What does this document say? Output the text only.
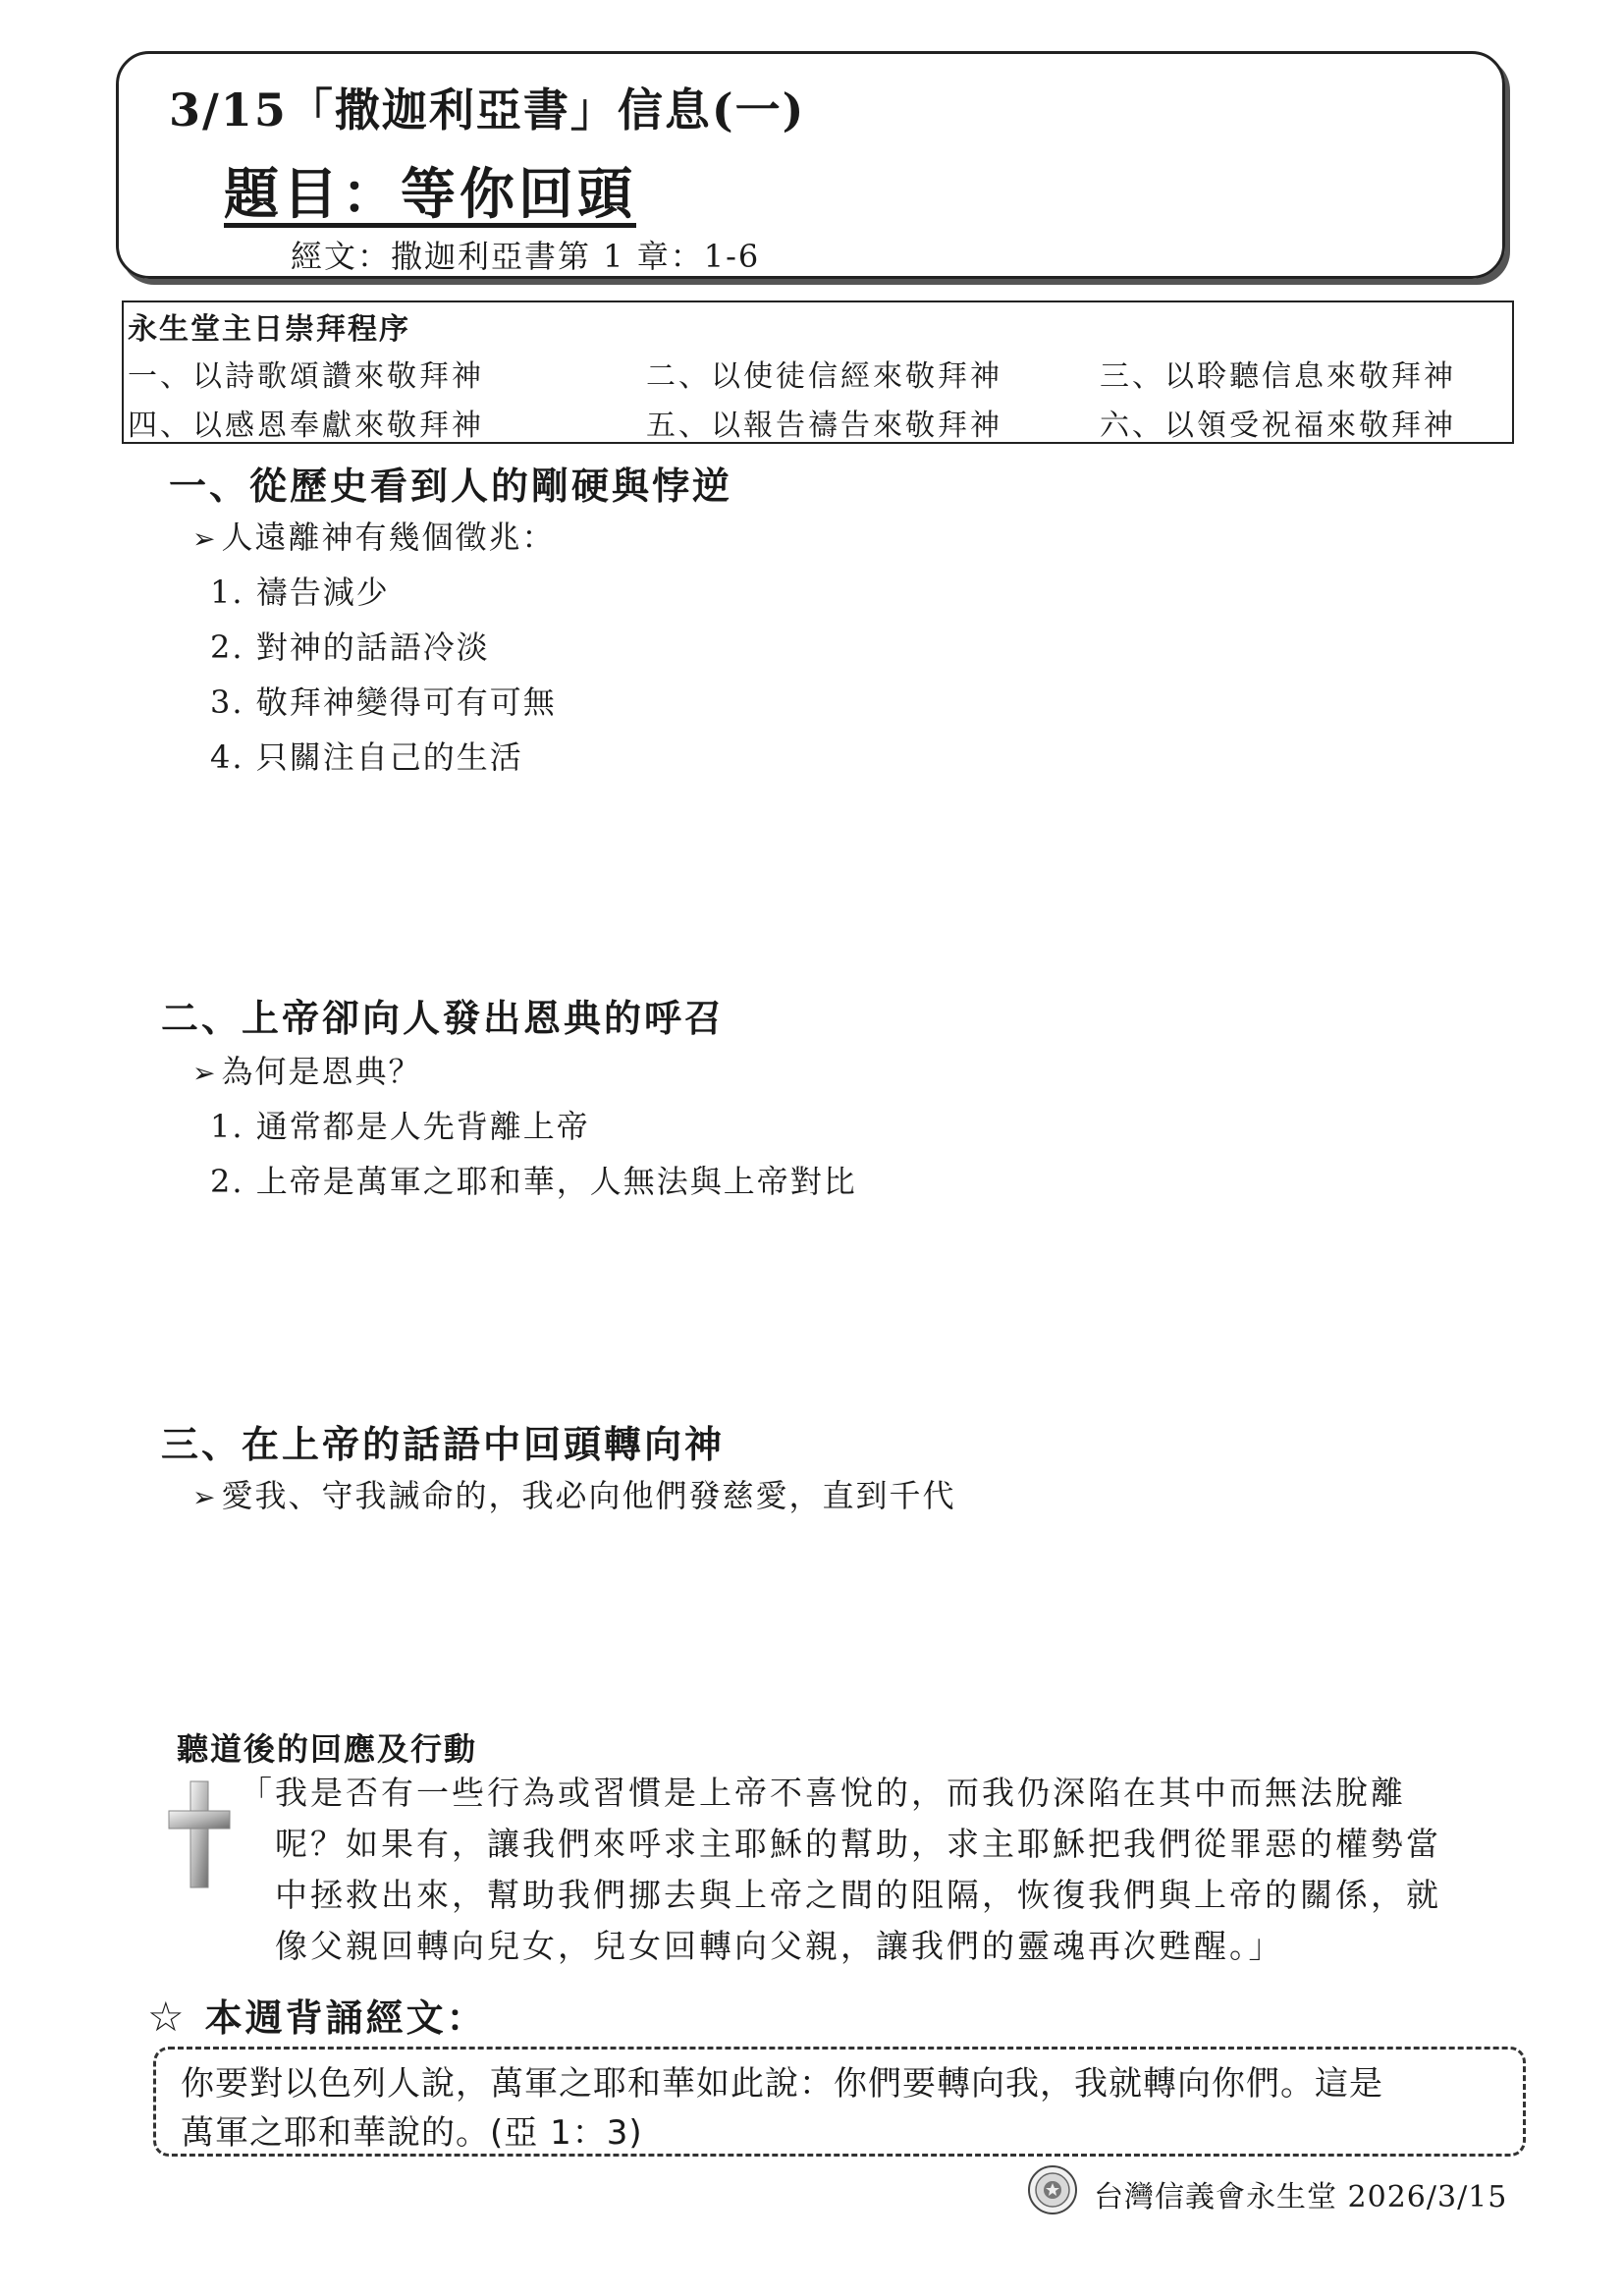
3/15「撒迦利亞書」信息(一)
題目：等你回頭
經文：撒迦利亞書第 1 章：1-6
永生堂主日崇拜程序
一、以詩歌頌讚來敬拜神	二、以使徒信經來敬拜神	三、以聆聽信息來敬拜神
四、以感恩奉獻來敬拜神	五、以報告禱告來敬拜神	六、以領受祝福來敬拜神
一、從歷史看到人的剛硬與悖逆
➢ 人遠離神有幾個徵兆：
1. 禱告減少
2. 對神的話語冷淡
3. 敬拜神變得可有可無
4. 只關注自己的生活
二、上帝卻向人發出恩典的呼召
➢ 為何是恩典？
1. 通常都是人先背離上帝
2. 上帝是萬軍之耶和華，人無法與上帝對比
三、在上帝的話語中回頭轉向神
➢ 愛我、守我誡命的，我必向他們發慈愛，直到千代
聽道後的回應及行動
「我是否有一些行為或習慣是上帝不喜悅的，而我仍深陷在其中而無法脫離
呢？如果有，讓我們來呼求主耶穌的幫助，求主耶穌把我們從罪惡的權勢當
中拯救出來，幫助我們挪去與上帝之間的阻隔，恢復我們與上帝的關係，就
像父親回轉向兒女，兒女回轉向父親，讓我們的靈魂再次甦醒。」
☆ 本週背誦經文：
你要對以色列人說，萬軍之耶和華如此說：你們要轉向我，我就轉向你們。這是
萬軍之耶和華說的。(亞 1：3)
台灣信義會永生堂 2026/3/15
